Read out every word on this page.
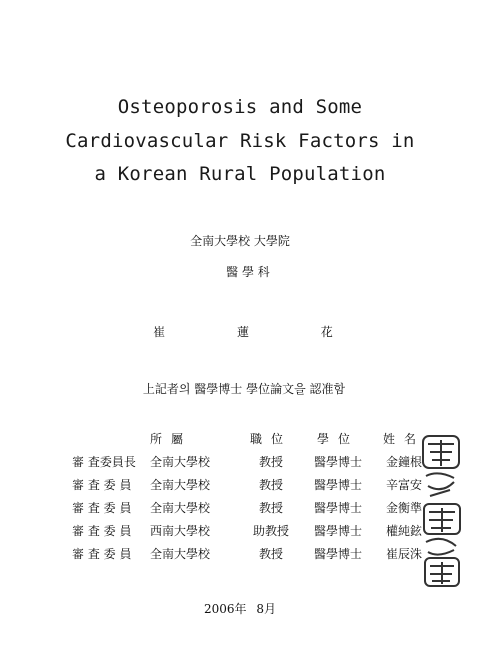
Osteoporosis and Some
Cardiovascular Risk Factors in
a Korean Rural Population
全南大學校 大學院
醫 學 科
崔 蓮 花
上記者의 醫學博士 學位論文을 認准함
	所屬	職位	學位	姓名
審 査委員長	全南大學校	教授	醫學博士	金鐘根
審 査 委 員	全南大學校	教授	醫學博士	辛富安
審 査 委 員	全南大學校	教授	醫學博士	金衡準
審 査 委 員	西南大學校	助教授	醫學博士	權純鉉
審 査 委 員	全南大學校	教授	醫學博士	崔辰洙
2006年 8月
